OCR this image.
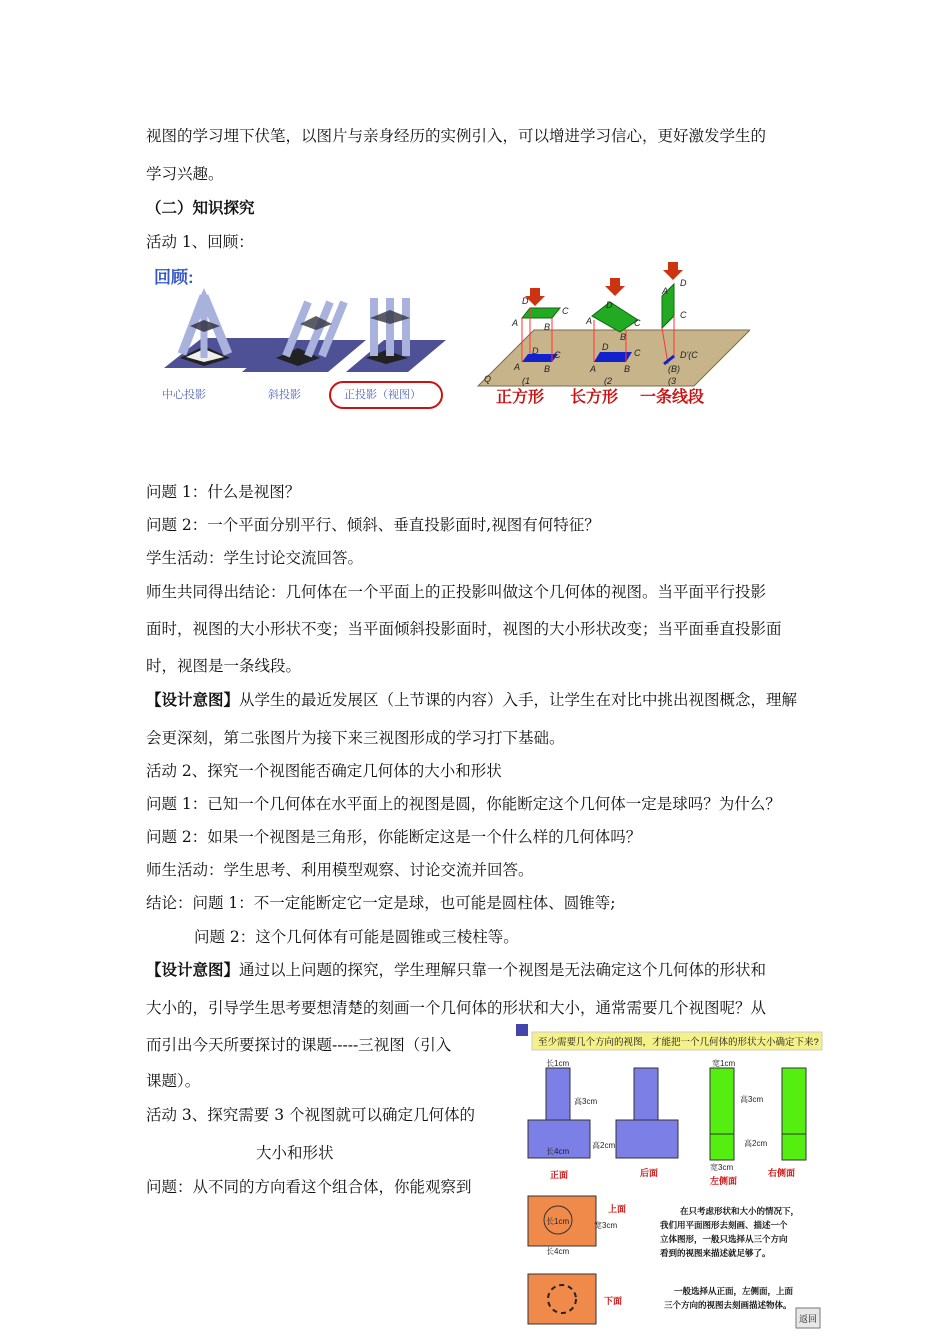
视图的学习埋下伏笔，以图片与亲身经历的实例引入，可以增进学习信心，更好激发学生的
学习兴趣。
（二）知识探究
活动 1、回顾：
回顾:
中心投影	斜投影	正投影（视图）
A	B
C
D
A	B
C
D
A
B
C
D
A	B
C
D
A
D
C
(B)
Q	(1	(2	(3
D'(C
正方形 长方形 一条线段
问题 1：什么是视图？
问题 2：一个平面分别平行、倾斜、垂直投影面时,视图有何特征？
学生活动：学生讨论交流回答。
师生共同得出结论：几何体在一个平面上的正投影叫做这个几何体的视图。当平面平行投影
面时，视图的大小形状不变；当平面倾斜投影面时，视图的大小形状改变；当平面垂直投影面
时，视图是一条线段。
【设计意图】从学生的最近发展区（上节课的内容）入手，让学生在对比中挑出视图概念，理解
会更深刻，第二张图片为接下来三视图形成的学习打下基础。
活动 2、探究一个视图能否确定几何体的大小和形状
问题 1：已知一个几何体在水平面上的视图是圆，你能断定这个几何体一定是球吗？为什么？
问题 2：如果一个视图是三角形，你能断定这是一个什么样的几何体吗？
师生活动：学生思考、利用模型观察、讨论交流并回答。
结论：问题 1：不一定能断定它一定是球，也可能是圆柱体、圆锥等;
问题 2：这个几何体有可能是圆锥或三棱柱等。
【设计意图】通过以上问题的探究，学生理解只靠一个视图是无法确定这个几何体的形状和
大小的，引导学生思考要想清楚的刻画一个几何体的形状和大小，通常需要几个视图呢？从
而引出今天所要探讨的课题-----三视图（引入
课题）。
活动 3、探究需要 3 个视图就可以确定几何体的
大小和形状
问题：从不同的方向看这个组合体，你能观察到
至少需要几个方向的视图，才能把一个几何体的形状大小确定下来?
长1cm
高3cm
长4cm
高2cm
宽1cm
高3cm
高2cm
宽3cm
正面	后面
左侧面
右侧面
长1cm	宽3cm
长4cm
上面
下面
在只考虑形状和大小的情况下，
我们用平面图形去刻画、描述一个
立体图形，一般只选择从三个方向
看到的视图来描述就足够了。
一般选择从正面，左侧面，上面
三个方向的视图去刻画描述物体。
返回
